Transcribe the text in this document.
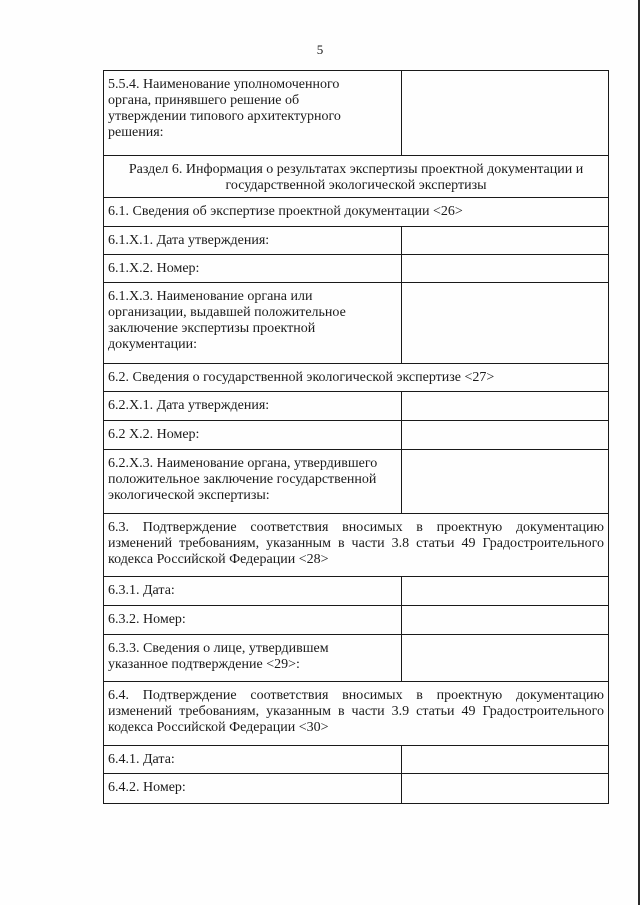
5
5.5.4. Наименование уполномоченного органа, принявшего решение об утверждении типового архитектурного решения:	
Раздел 6. Информация о результатах экспертизы проектной документации и государственной экологической экспертизы	
6.1. Сведения об экспертизе проектной документации <26>	
6.1.X.1. Дата утверждения:	
6.1.X.2. Номер:	
6.1.X.3. Наименование органа или организации, выдавшей положительное заключение экспертизы проектной документации:	
6.2. Сведения о государственной экологической экспертизе <27>	
6.2.X.1. Дата утверждения:	
6.2 X.2. Номер:	
6.2.X.3. Наименование органа, утвердившего положительное заключение государственной экологической экспертизы:	
6.3. Подтверждение соответствия вносимых в проектную документацию изменений требованиям, указанным в части 3.8 статьи 49 Градостроительного кодекса Российской Федерации <28>	
6.3.1. Дата:	
6.3.2. Номер:	
6.3.3. Сведения о лице, утвердившем указанное подтверждение <29>:	
6.4. Подтверждение соответствия вносимых в проектную документацию изменений требованиям, указанным в части 3.9 статьи 49 Градостроительного кодекса Российской Федерации <30>	
6.4.1. Дата:	
6.4.2. Номер:	
